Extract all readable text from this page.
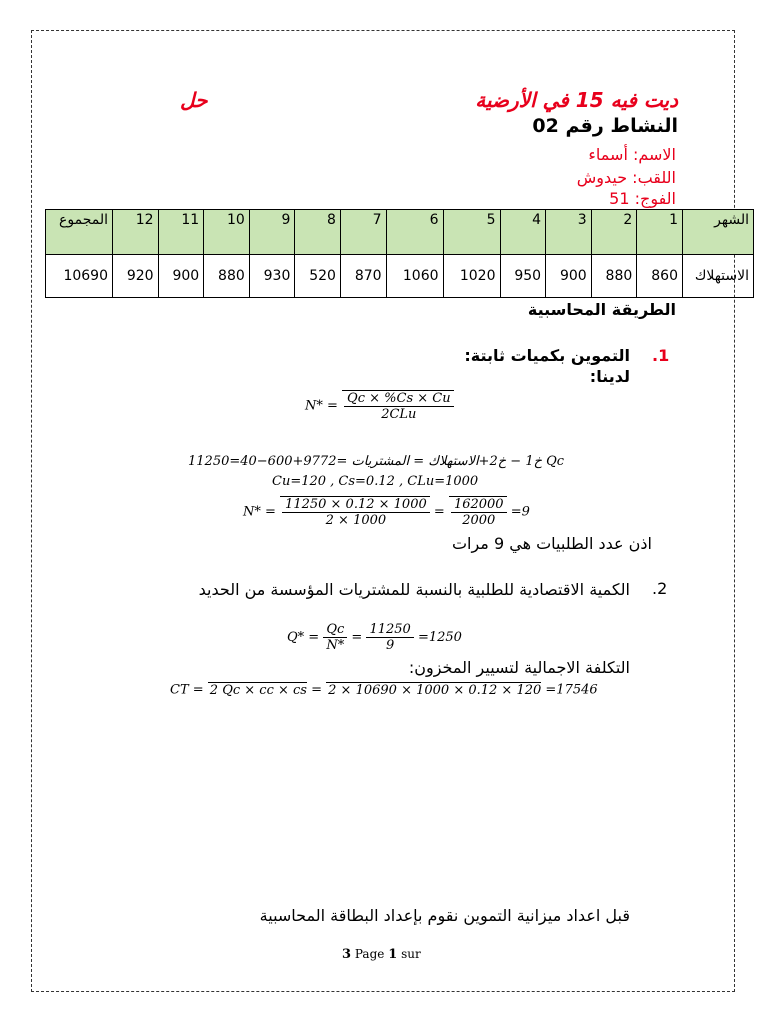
حل	ديت فيه 15 في الأرضية
النشاط رقم 02
الاسم: أسماء
اللقب: حيدوش
الفوج: 51
المجموع	12	11	10	9	8	7	6	5	4	3	2	1	الشهر
10690	920	900	880	930	520	870	1060	1020	950	900	880	860	الاستهلاك
الطريقة المحاسبية
.1
التموين بكميات ثابتة:
لدينا:
$N* = \frac{Qc \times \%Cs \times Cu}{\text{2CLu}}$
11250=40−600+9772= خ1 − خ2+الاستهلاك = المشتريات Qc
Cu=120 , Cs=0.12 , CLu=1000
$N* = \frac{11250 \times 0.12 \times 1000}{2 \times 1000} = \frac{162000}{2000} =9$
اذن عدد الطلبيات هي 9 مرات
.2
الكمية الاقتصادية للطلبية بالنسبة للمشتريات المؤسسة من الحديد
$Q* = \frac{Qc}{N*} = \frac{11250}{9} =1250$
التكلفة الاجمالية لتسيير المخزون:
CT = 2 Qc × cc × cs = 2 × 10690 × 1000 × 0.12 × 120 =17546
قبل اعداد ميزانية التموين نقوم بإعداد البطاقة المحاسبية
3 Page 1 sur
